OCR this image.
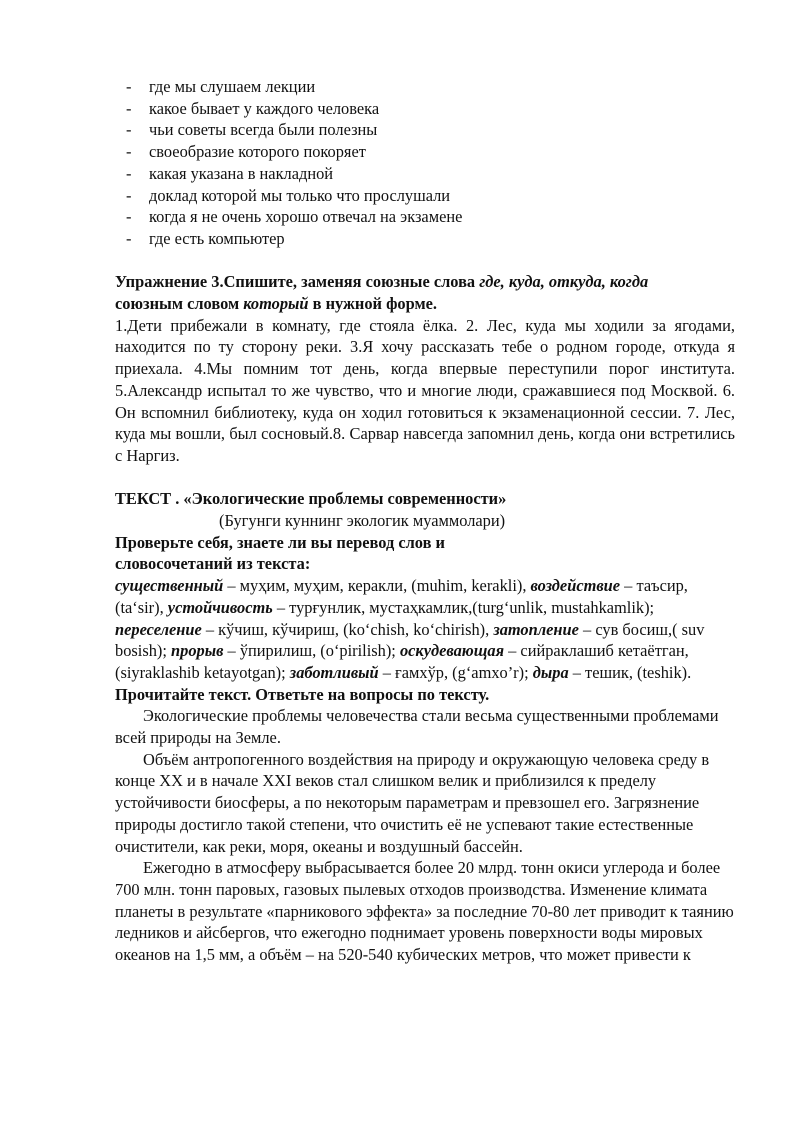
- где мы слушаем лекции
- какое бывает у каждого человека
- чьи советы всегда были полезны
- своеобразие которого покоряет
- какая указана в накладной
- доклад которой мы только что прослушали
- когда я не очень хорошо отвечал на экзамене
- где есть компьютер

Упражнение 3.Спишите, заменяя союзные слова где, куда, откуда, когда
союзным словом который в нужной форме.

1.Дети прибежали в комнату, где стояла ёлка. 2. Лес, куда мы ходили за ягодами, находится по ту сторону реки. 3.Я хочу рассказать тебе о родном городе, откуда я приехала. 4.Мы помним тот день, когда впервые переступили порог института. 5.Александр испытал то же чувство, что и многие люди, сражавшиеся под Москвой. 6. Он вспомнил библиотеку, куда он ходил готовиться к экзаменационной сессии. 7. Лес, куда мы вошли, был сосновый.8. Сарвар навсегда запомнил день, когда они встретились с Наргиз.

ТЕКСТ . «Экологические проблемы современности»

(Бугунги куннинг экологик муаммолари)

Проверьте себя, знаете ли вы перевод слов и
словосочетаний из текста:

существенный – муҳим, муҳим, керакли, (muhim, kerakli), воздействие – таъсир, (ta‘sir), устойчивость – турғунлик, мустаҳкамлик,(turg‘unlik, mustahkamlik); переселение – кўчиш, кўчириш, (ko‘chish, ko‘chirish), затопление – сув босиш,( suv bosish); прорыв – ўпирилиш, (o‘pirilish); оскудевающая – сийраклашиб кетаётган, (siyraklashib ketayotgan); заботливый – ғамхўр, (g‘amxo’r); дыра – тешик, (teshik).

Прочитайте текст. Ответьте на вопросы по тексту.

Экологические проблемы человечества стали весьма существенными проблемами всей природы на Земле.

Объём антропогенного воздействия на природу и окружающую человека среду в конце XX и в начале XXI веков стал слишком велик и приблизился к пределу устойчивости биосферы, а по некоторым параметрам и превзошел его. Загрязнение природы достигло такой степени, что очистить её не успевают такие естественные очистители, как реки, моря, океаны и воздушный бассейн.

Ежегодно в атмосферу выбрасывается более 20 млрд. тонн окиси углерода и более 700 млн. тонн паровых, газовых пылевых отходов производства. Изменение климата планеты в результате «парникового эффекта» за последние 70-80 лет приводит к таянию ледников и айсбергов, что ежегодно поднимает уровень поверхности воды мировых океанов на 1,5 мм, а объём – на 520-540 кубических метров, что может привести к
